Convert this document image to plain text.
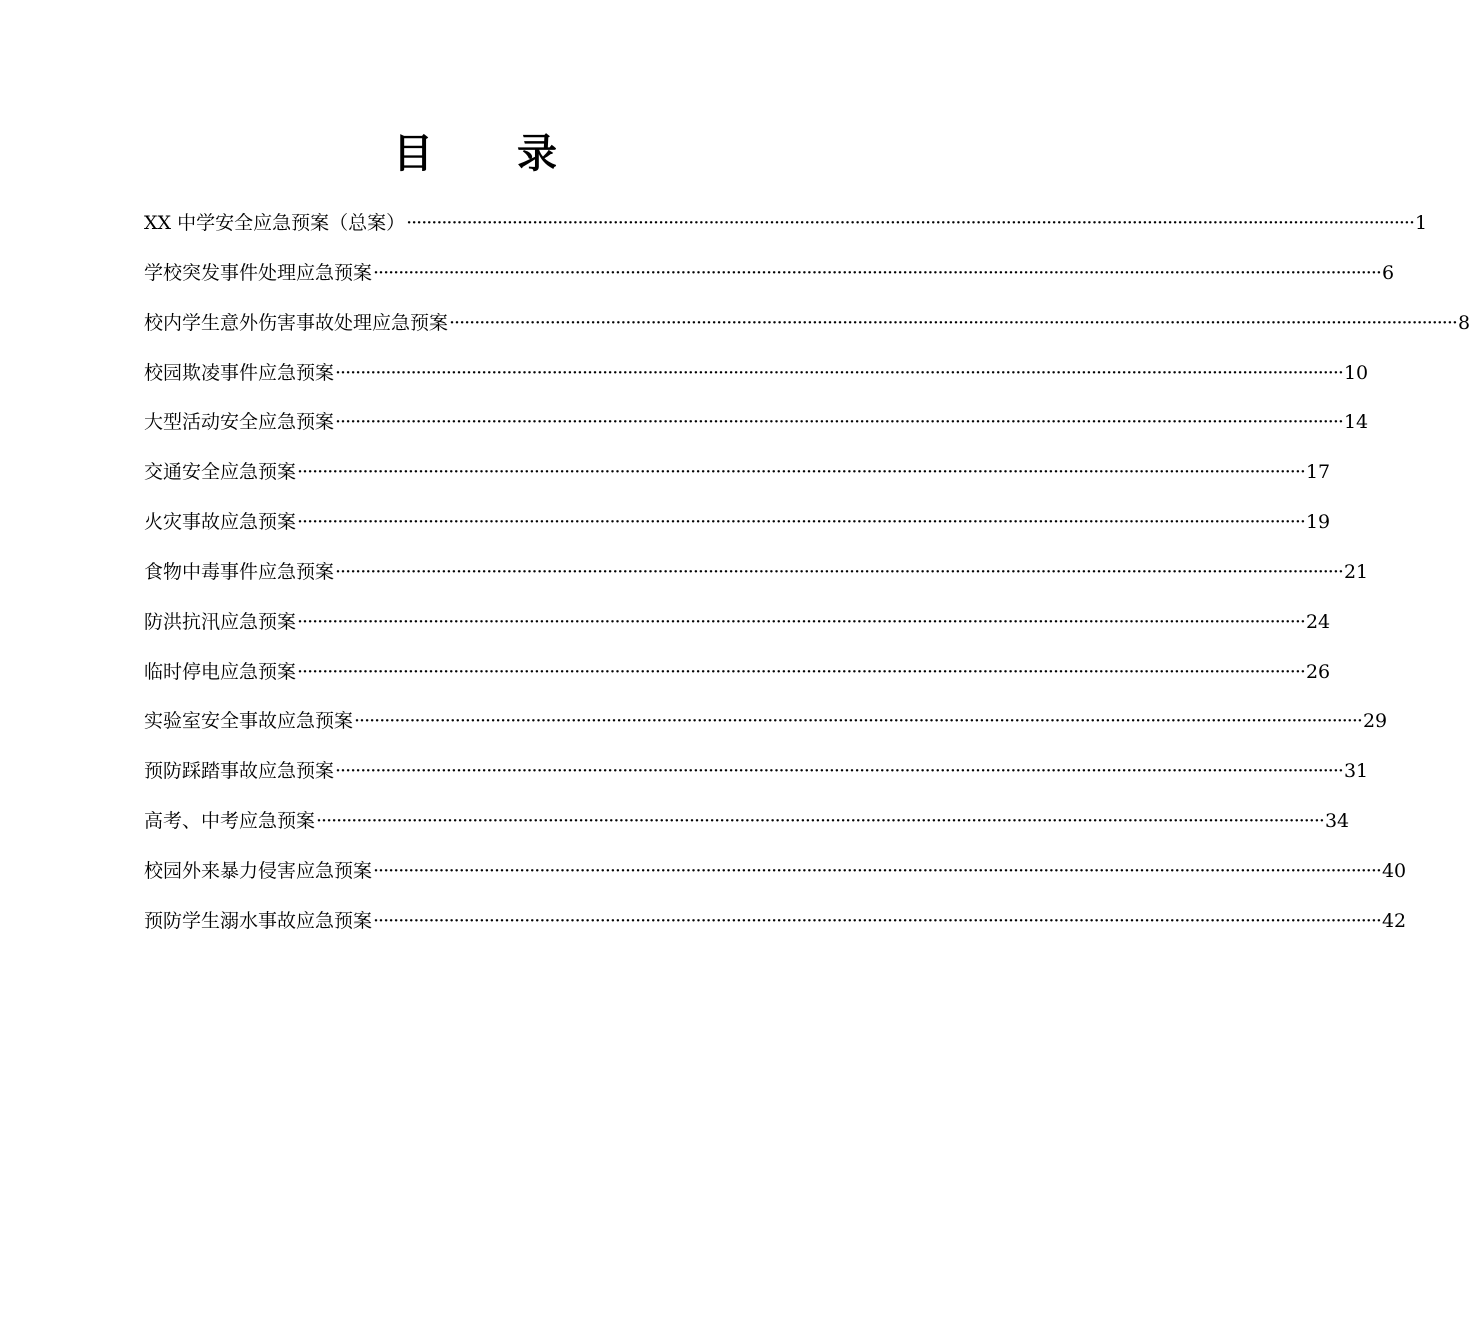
目 录
XX 中学安全应急预案（总案） ········································································································································································································ 1
学校突发事件处理应急预案 ········································································································································································································ 6
校内学生意外伤害事故处理应急预案 ········································································································································································································ 8
校园欺凌事件应急预案 ········································································································································································································ 10
大型活动安全应急预案 ········································································································································································································ 14
交通安全应急预案 ········································································································································································································ 17
火灾事故应急预案 ········································································································································································································ 19
食物中毒事件应急预案 ········································································································································································································ 21
防洪抗汛应急预案 ········································································································································································································ 24
临时停电应急预案 ········································································································································································································ 26
实验室安全事故应急预案 ········································································································································································································ 29
预防踩踏事故应急预案 ········································································································································································································ 31
高考、中考应急预案 ········································································································································································································ 34
校园外来暴力侵害应急预案 ········································································································································································································ 40
预防学生溺水事故应急预案 ········································································································································································································ 42
